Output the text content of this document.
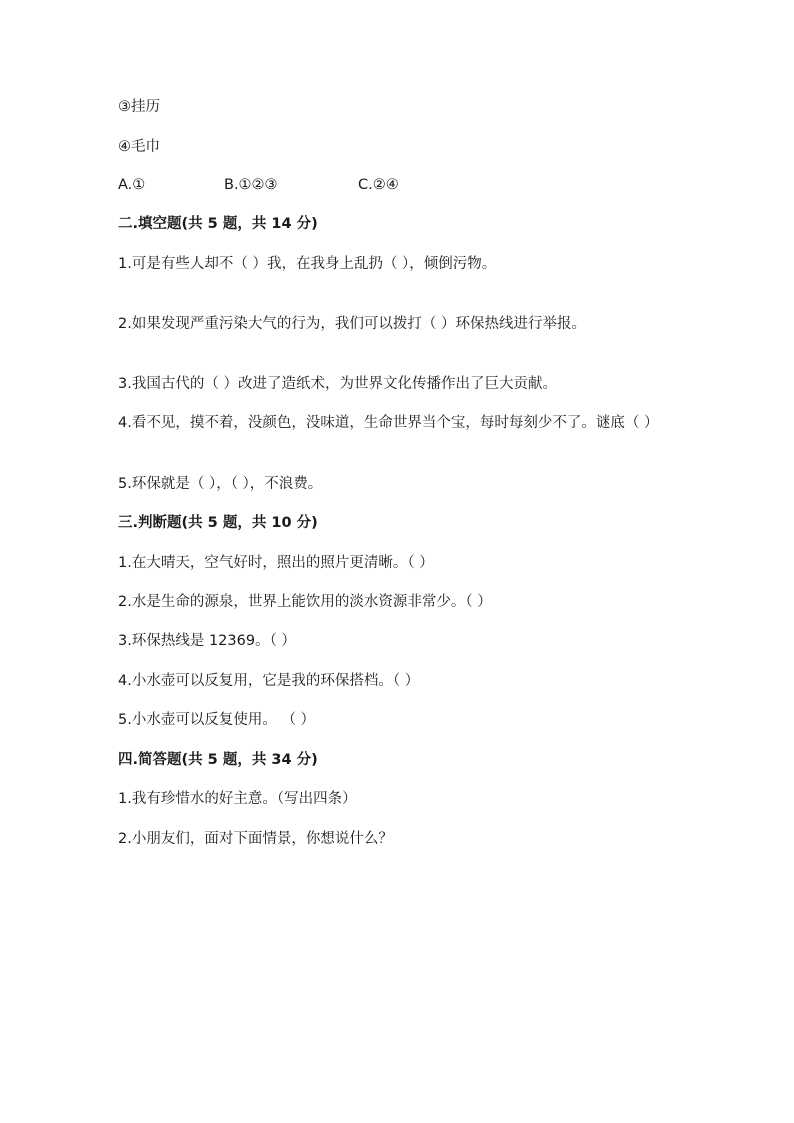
③挂历

④毛巾

A.①	B.①②③	C.②④

二.填空题(共 5 题，共 14 分)

1.可是有些人却不（ ）我，在我身上乱扔（ ），倾倒污物。

2.如果发现严重污染大气的行为，我们可以拨打（ ）环保热线进行举报。

3.我国古代的（ ）改进了造纸术，为世界文化传播作出了巨大贡献。

4.看不见，摸不着，没颜色，没味道，生命世界当个宝，每时每刻少不了。谜底（ ）

5.环保就是（ ），（ ），不浪费。

三.判断题(共 5 题，共 10 分)

1.在大晴天，空气好时，照出的照片更清晰。（ ）

2.水是生命的源泉，世界上能饮用的淡水资源非常少。（ ）

3.环保热线是 12369。（ ）

4.小水壶可以反复用，它是我的环保搭档。（ ）

5.小水壶可以反复使用。 （ ）

四.简答题(共 5 题，共 34 分)

1.我有珍惜水的好主意。（写出四条）

2.小朋友们，面对下面情景，你想说什么？
